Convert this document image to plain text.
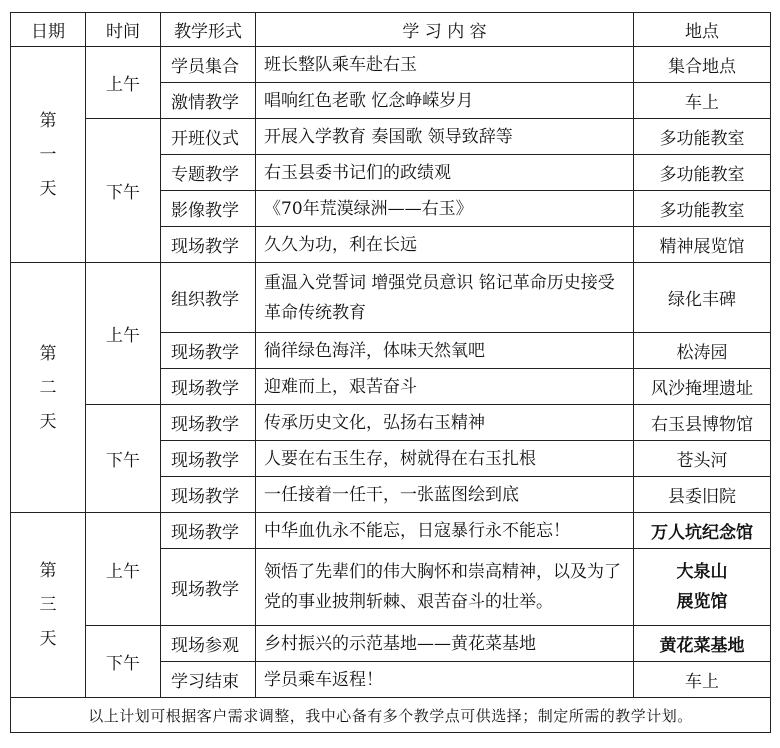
日期	时间	教学形式	学 习 内 容	地点

第一天	上午	学员集合	班长整队乘车赴右玉	集合地点
		激情教学	唱响红色老歌 忆念峥嵘岁月	车上
	下午	开班仪式	开展入学教育 奏国歌 领导致辞等	多功能教室
		专题教学	右玉县委书记们的政绩观	多功能教室
		影像教学	《70年荒漠绿洲——右玉》	多功能教室
		现场教学	久久为功，利在长远	精神展览馆

第二天	上午	组织教学	重温入党誓词 增强党员意识 铭记革命历史接受革命传统教育	绿化丰碑
		现场教学	徜徉绿色海洋，体味天然氧吧	松涛园
		现场教学	迎难而上，艰苦奋斗	风沙掩埋遗址
	下午	现场教学	传承历史文化，弘扬右玉精神	右玉县博物馆
		现场教学	人要在右玉生存，树就得在右玉扎根	苍头河
		现场教学	一任接着一任干，一张蓝图绘到底	县委旧院

第三天	上午	现场教学	中华血仇永不能忘，日寇暴行永不能忘！	万人坑纪念馆
		现场教学	领悟了先辈们的伟大胸怀和崇高精神，以及为了党的事业披荆斩棘、艰苦奋斗的壮举。	大泉山展览馆

	下午	现场参观	乡村振兴的示范基地——黄花菜基地	黄花菜基地
		学习结束	学员乘车返程！	车上
以上计划可根据客户需求调整，我中心备有多个教学点可供选择；制定所需的教学计划。				
